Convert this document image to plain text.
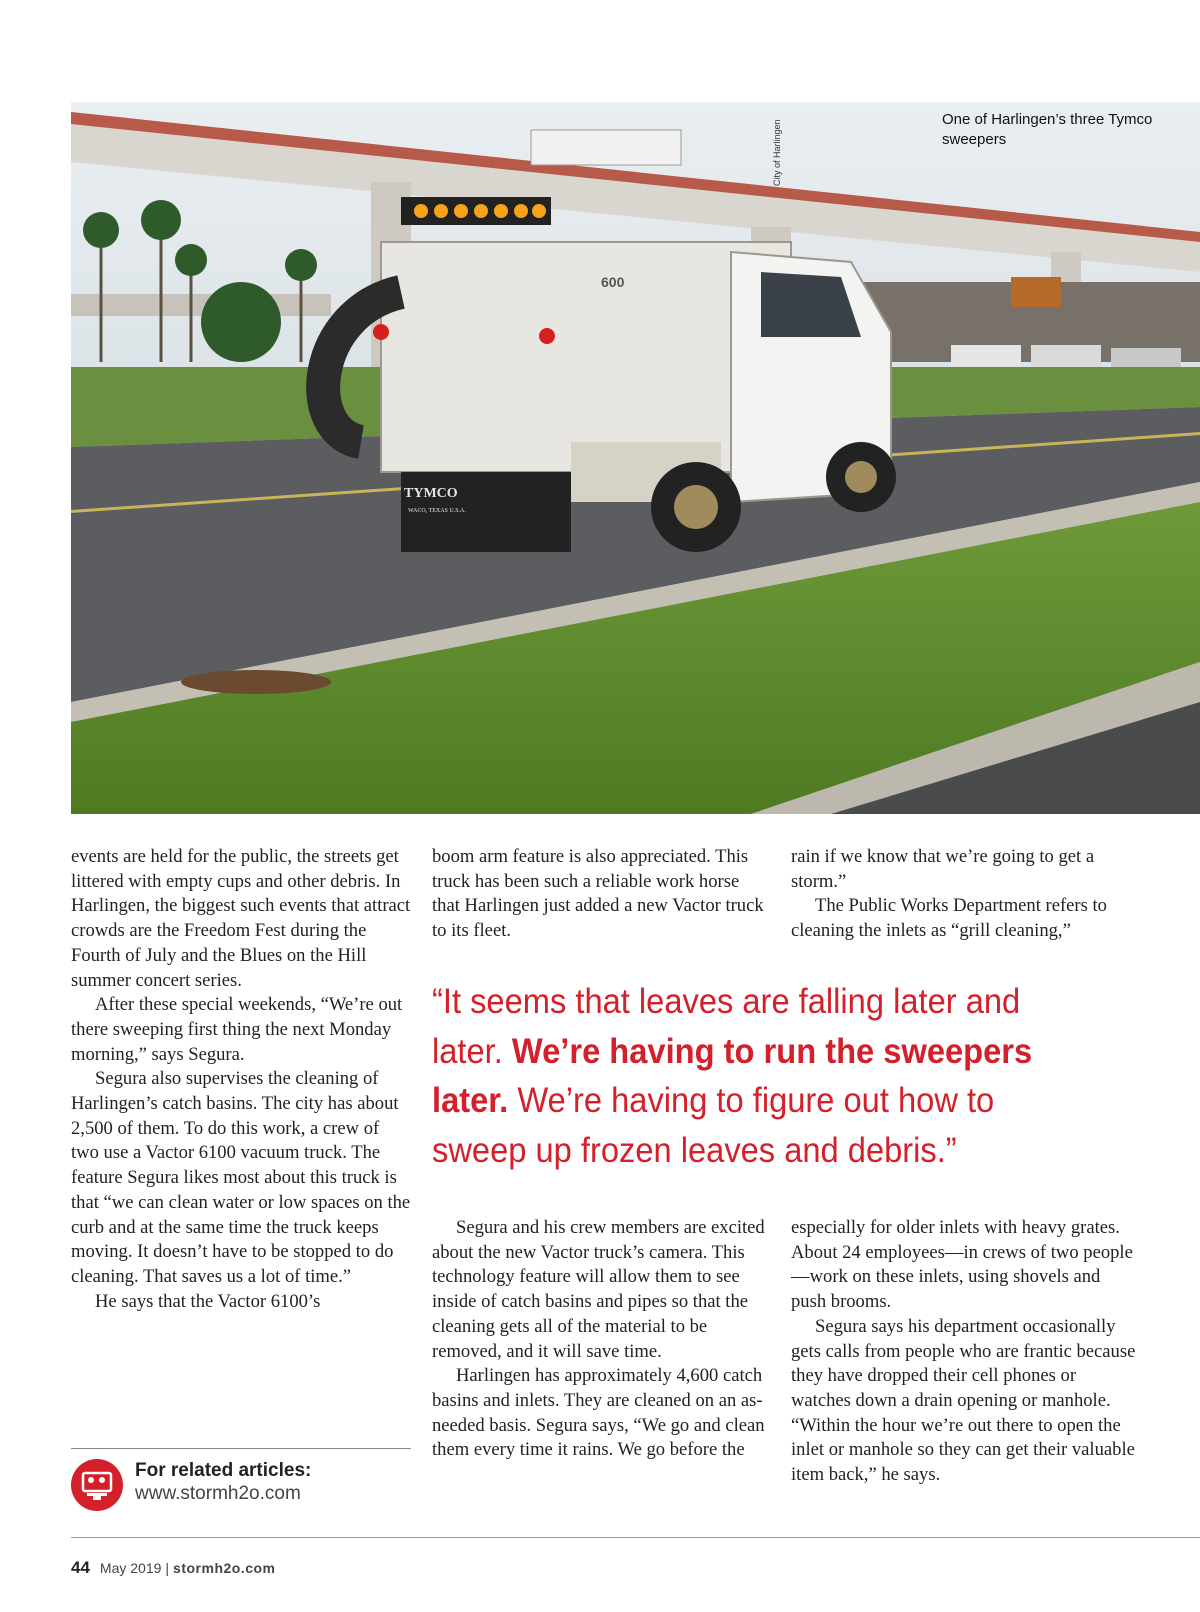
TYMCO
WACO, TEXAS U.S.A.
600
One of Harlingen’s three Tymco sweepers
City of Harlingen

events are held for the public, the streets get littered with empty cups and other debris. In Harlingen, the biggest such events that attract crowds are the Freedom Fest during the Fourth of July and the Blues on the Hill summer concert series.

After these special weekends, “We’re out there sweeping first thing the next Monday morning,” says Segura.

Segura also supervises the cleaning of Harlingen’s catch basins. The city has about 2,500 of them. To do this work, a crew of two use a Vactor 6100 vacuum truck. The feature Segura likes most about this truck is that “we can clean water or low spaces on the curb and at the same time the truck keeps moving. It doesn’t have to be stopped to do cleaning. That saves us a lot of time.”

He says that the Vactor 6100’s

boom arm feature is also appreciated. This truck has been such a reliable work horse that Harlingen just added a new Vactor truck to its fleet.

rain if we know that we’re going to get a storm.”

The Public Works Department refers to cleaning the inlets as “grill cleaning,”

“It seems that leaves are falling later and later. We’re having to run the sweepers later. We’re having to figure out how to sweep up frozen leaves and debris.”

Segura and his crew members are excited about the new Vactor truck’s camera. This technology feature will allow them to see inside of catch basins and pipes so that the cleaning gets all of the material to be removed, and it will save time.

Harlingen has approximately 4,600 catch basins and inlets. They are cleaned on an as-needed basis. Segura says, “We go and clean them every time it rains. We go before the

especially for older inlets with heavy grates. About 24 employees—in crews of two people—work on these inlets, using shovels and push brooms.

Segura says his department occasionally gets calls from people who are frantic because they have dropped their cell phones or watches down a drain opening or manhole. “Within the hour we’re out there to open the inlet or manhole so they can get their valuable item back,” he says.

For related articles:
www.stormh2o.com
44 May 2019 | stormh2o.com
